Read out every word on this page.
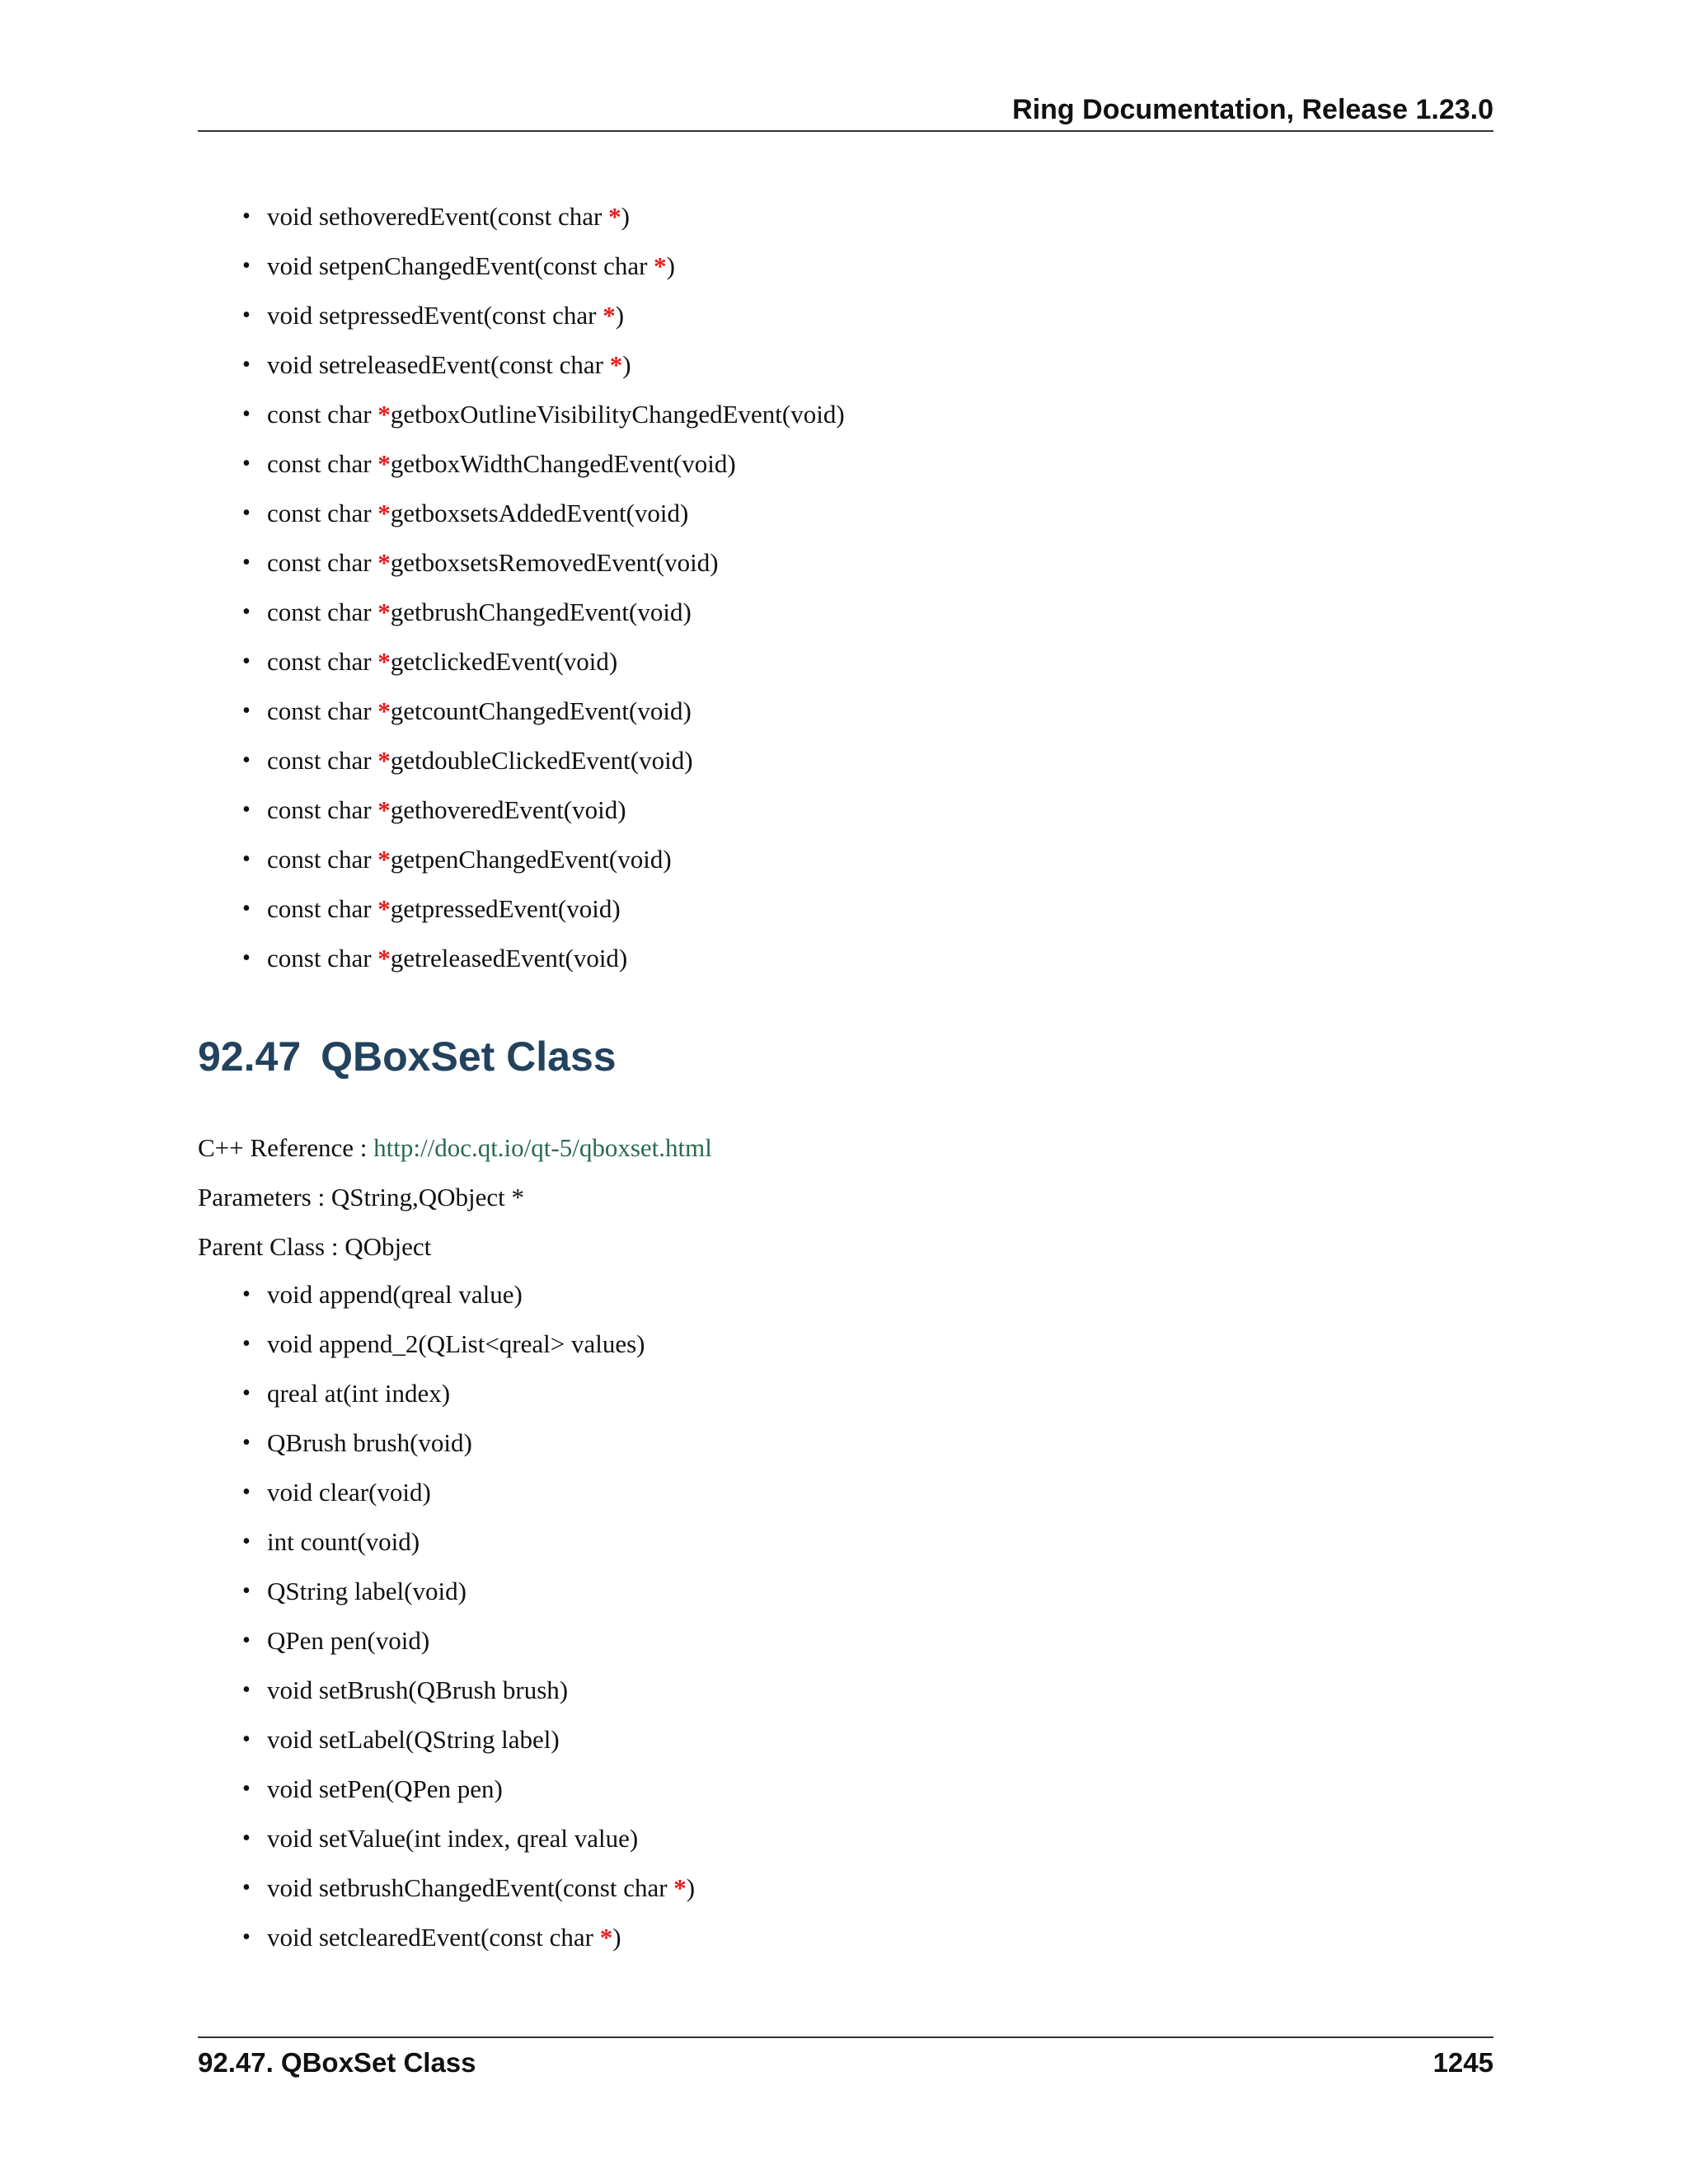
Ring Documentation, Release 1.23.0
• void sethoveredEvent(const char *)
• void setpenChangedEvent(const char *)
• void setpressedEvent(const char *)
• void setreleasedEvent(const char *)
• const char *getboxOutlineVisibilityChangedEvent(void)
• const char *getboxWidthChangedEvent(void)
• const char *getboxsetsAddedEvent(void)
• const char *getboxsetsRemovedEvent(void)
• const char *getbrushChangedEvent(void)
• const char *getclickedEvent(void)
• const char *getcountChangedEvent(void)
• const char *getdoubleClickedEvent(void)
• const char *gethoveredEvent(void)
• const char *getpenChangedEvent(void)
• const char *getpressedEvent(void)
• const char *getreleasedEvent(void)
92.47 QBoxSet Class
C++ Reference : http://doc.qt.io/qt-5/qboxset.html
Parameters : QString,QObject *
Parent Class : QObject
• void append(qreal value)
• void append_2(QList<qreal> values)
• qreal at(int index)
• QBrush brush(void)
• void clear(void)
• int count(void)
• QString label(void)
• QPen pen(void)
• void setBrush(QBrush brush)
• void setLabel(QString label)
• void setPen(QPen pen)
• void setValue(int index, qreal value)
• void setbrushChangedEvent(const char *)
• void setclearedEvent(const char *)
92.47. QBoxSet Class	1245
